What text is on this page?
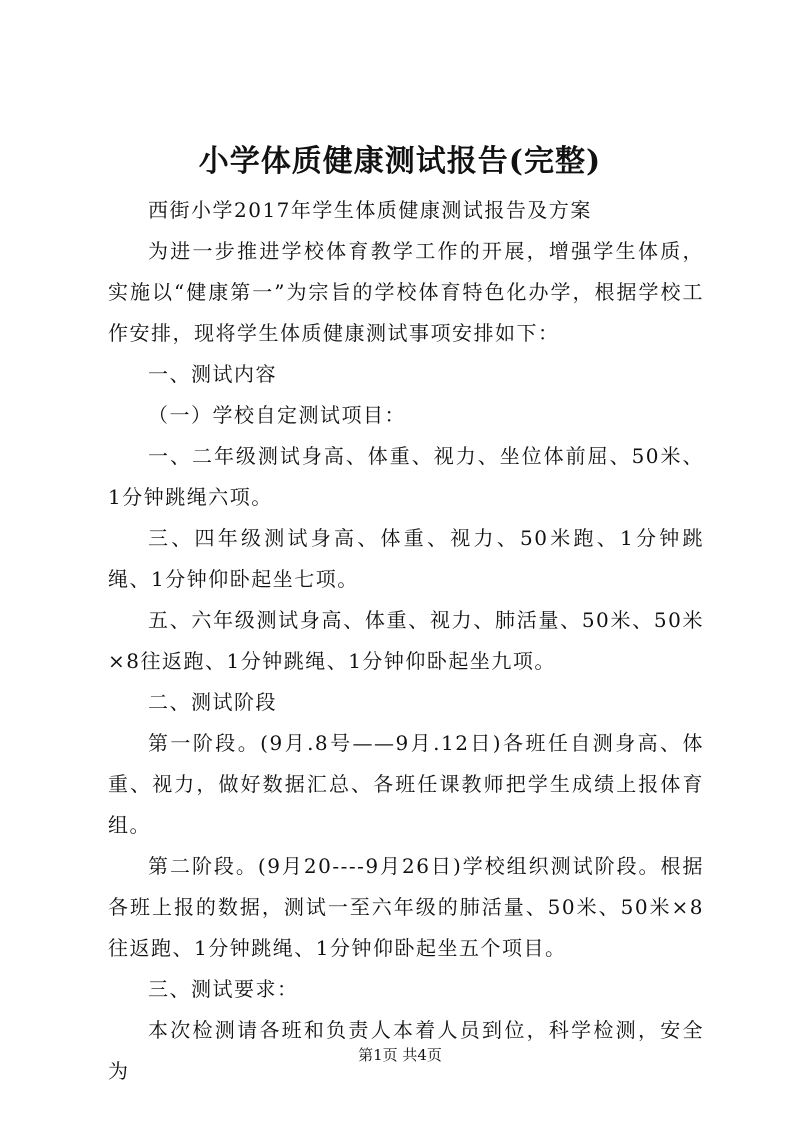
小学体质健康测试报告(完整)

西街小学2017年学生体质健康测试报告及方案

为进一步推进学校体育教学工作的开展，增强学生体质，实施以“健康第一”为宗旨的学校体育特色化办学，根据学校工作安排，现将学生体质健康测试事项安排如下：

一、测试内容

（一）学校自定测试项目：

一、二年级测试身高、体重、视力、坐位体前屈、50米、1分钟跳绳六项。

三、四年级测试身高、体重、视力、50米跑、1分钟跳绳、1分钟仰卧起坐七项。

五、六年级测试身高、体重、视力、肺活量、50米、50米×8往返跑、1分钟跳绳、1分钟仰卧起坐九项。

二、测试阶段

第一阶段。(9月.8号——9月.12日)各班任自测身高、体重、视力，做好数据汇总、各班任课教师把学生成绩上报体育组。

第二阶段。(9月20----9月26日)学校组织测试阶段。根据各班上报的数据，测试一至六年级的肺活量、50米、50米×8往返跑、1分钟跳绳、1分钟仰卧起坐五个项目。

三、测试要求：

本次检测请各班和负责人本着人员到位，科学检测，安全为

第1页 共4页
